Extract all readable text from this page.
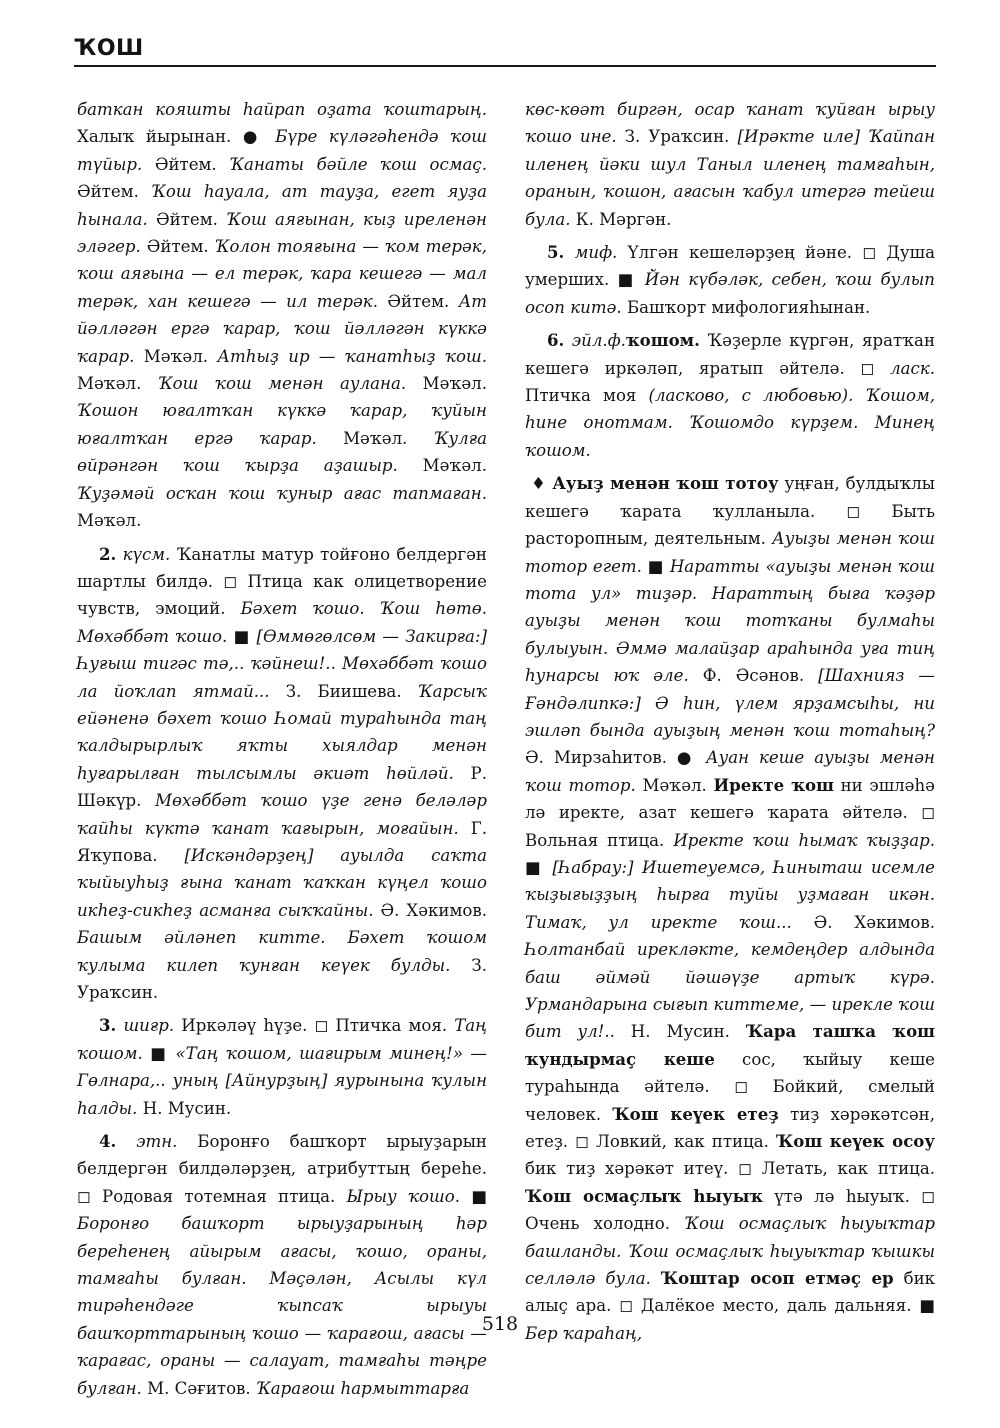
ҠОШ

баткан кояшты һайрап оҙата ҡоштарың. Халыҡ йырынан. ● Бүре күләгәһендә ҡош түйыр. Әйтем. Ҡанаты бәйле ҡош осмаҫ. Әйтем. Ҡош һауала, ат тауҙа, егет яуҙа һынала. Әйтем. Ҡош аяғынан, кыҙ иреленән эләгер. Әйтем. Ҡолон тояғына — ҡом терәк, ҡош аяғына — ел терәк, ҡара кешегә — мал терәк, хан кешегә — ил терәк. Әйтем. Ат йәлләгән ергә ҡарар, ҡош йәлләгән күккә ҡарар. Мәҡәл. Атһыҙ ир — ҡанатһыҙ ҡош. Мәҡәл. Ҡош ҡош менән аулана. Мәҡәл. Ҡошон юғалтҡан күккә ҡарар, ҡуйын юғалтҡан ергә ҡарар. Мәҡәл. Ҡулға өйрәнгән ҡош ҡырҙа аҙашыр. Мәҡәл. Ҡуҙәмәй осҡан ҡош ҡуныр ағас тапмаған. Мәҡәл.

2. күсм. Ҡанатлы матур тойғоно белдергән шартлы билдә. ◻ Птица как олицетворение чувств, эмоций. Бәхет ҡошо. Ҡош һөтө. Мөхәббәт ҡошо. ■ [Өммөгөлсөм — Закирға:] Һуғыш тигәс тә,.. ҡәйнеш!.. Мөхәббәт ҡошо ла йоҡлап ятмай... З. Биишева. Ҡарсыҡ ейәненә бәхет ҡошо Һомай тураһында таң ҡалдырырлыҡ яҡты хыялдар менән һуғарылған тылсымлы әкиәт һөйләй. Р. Шәкүр. Мөхәббәт ҡошо үҙе генә беләләр ҡайһы күктә ҡанат ҡағырын, моғайын. Г. Яҡупова. [Искәндәрҙең] ауылда саҡта ҡыйыуһыҙ ғына ҡанат ҡаҡкан күңел ҡошо икһеҙ-сикһеҙ асманға сыҡҡайны. Ә. Хәкимов. Башым әйләнеп китте. Бәхет ҡошом ҡулыма килеп ҡунған кеүек булды. З. Ураҡсин.

3. шиғр. Иркәләү һүҙе. ◻ Птичка моя. Таң ҡошом. ■ «Таң ҡошом, шағирым минең!» — Гөлнара,.. уның [Айнурҙың] яурынына ҡулын һалды. Н. Мусин.

4. этн. Боронғо башҡорт ырыуҙарын белдергән билдәләрҙең, атрибуттың береһе. ◻ Родовая тотемная птица. Ырыу ҡошо. ■ Боронғо башҡорт ырыуҙарының һәр береһенең айырым ағасы, ҡошо, ораны, тамғаһы булған. Мәҫәлән, Асылы күл тирәһендәге ҡыпсаҡ ырыуы башҡорттарының ҡошо — ҡарағош, ағасы — ҡарағас, ораны — салауат, тамғаһы тәңре булған. М. Сәғитов. Ҡарағош һармыттарға

көс-көәт биргән, осар ҡанат ҡуйған ырыу ҡошо ине. З. Ураҡсин. [Ирәкте иле] Ҡайпан иленең йәки шул Таныл иленең тамғаһын, оранын, ҡошон, ағасын ҡабул итергә тейеш була. К. Мәргән.

5. миф. Үлгән кешеләрҙең йәне. ◻ Душа умерших. ■ Йән күбәләк, себен, ҡош булып осоп китә. Башҡорт мифологияһынан.

6. эйл.ф.ҡошом. Ҡәҙерле күргән, яратҡан кешегә иркәләп, яратып әйтелә. ◻ ласк. Птичка моя (ласково, с любовью). Ҡошом, һине онотмам. Ҡошомдо күрҙем. Минең ҡошом.

♦ Ауыҙ менән ҡош тотоу уңған, булдыҡлы кешегә ҡарата ҡулланыла. ◻ Быть расторопным, деятельным. Ауыҙы менән ҡош тотор егет. ■ Наратты «ауыҙы менән ҡош тота ул» тиҙәр. Нараттың быға ҡәҙәр ауыҙы менән ҡош тотҡаны булмаһы булыуын. Әммә малайҙар араһында уға тиң һунарсы юҡ әле. Ф. Әсәнов. [Шахнияз — Ғәндәлипкә:] Ә һин, үлем ярҙамсыһы, ни эшләп бында ауыҙың менән ҡош тотаһың? Ә. Мирзаһитов. ● Ауан кеше ауыҙы менән ҡош тотор. Мәҡәл. Иректе ҡош ни эшләһә лә иректе, азат кешегә ҡарата әйтелә. ◻ Вольная птица. Иректе ҡош һымаҡ ҡыҙҙар. ■ [Һабрау:] Ишетеуемсә, Һиныташ исемле ҡыҙығыҙҙың һырға туйы уҙмаған икән. Тимаҡ, ул иректе ҡош... Ә. Хәкимов. Һолтанбай ирекләкте, кемдеңдер алдында баш әймәй йәшәүҙе артыҡ күрә. Урмандарына сығып киттеме, — ирекле ҡош бит ул!.. Н. Мусин. Ҡара ташҡа ҡош ҡундырмаҫ кеше сос, ҡыйыу кеше тураһында әйтелә. ◻ Бойкий, смелый человек. Ҡош кеүек етеҙ тиҙ хәрәкәтсән, етеҙ. ◻ Ловкий, как птица. Ҡош кеүек осоу бик тиҙ хәрәкәт итеү. ◻ Летать, как птица. Ҡош осмаҫлыҡ һыуыҡ үтә лә һыуыҡ. ◻ Очень холодно. Ҡош осмаҫлыҡ һыуыҡтар башланды. Ҡош осмаҫлыҡ һыуыҡтар ҡышкы селләлә була. Ҡоштар осоп етмәҫ ер бик алыҫ ара. ◻ Далёкое место, даль дальняя. ■ Бер ҡараһаң,

518
